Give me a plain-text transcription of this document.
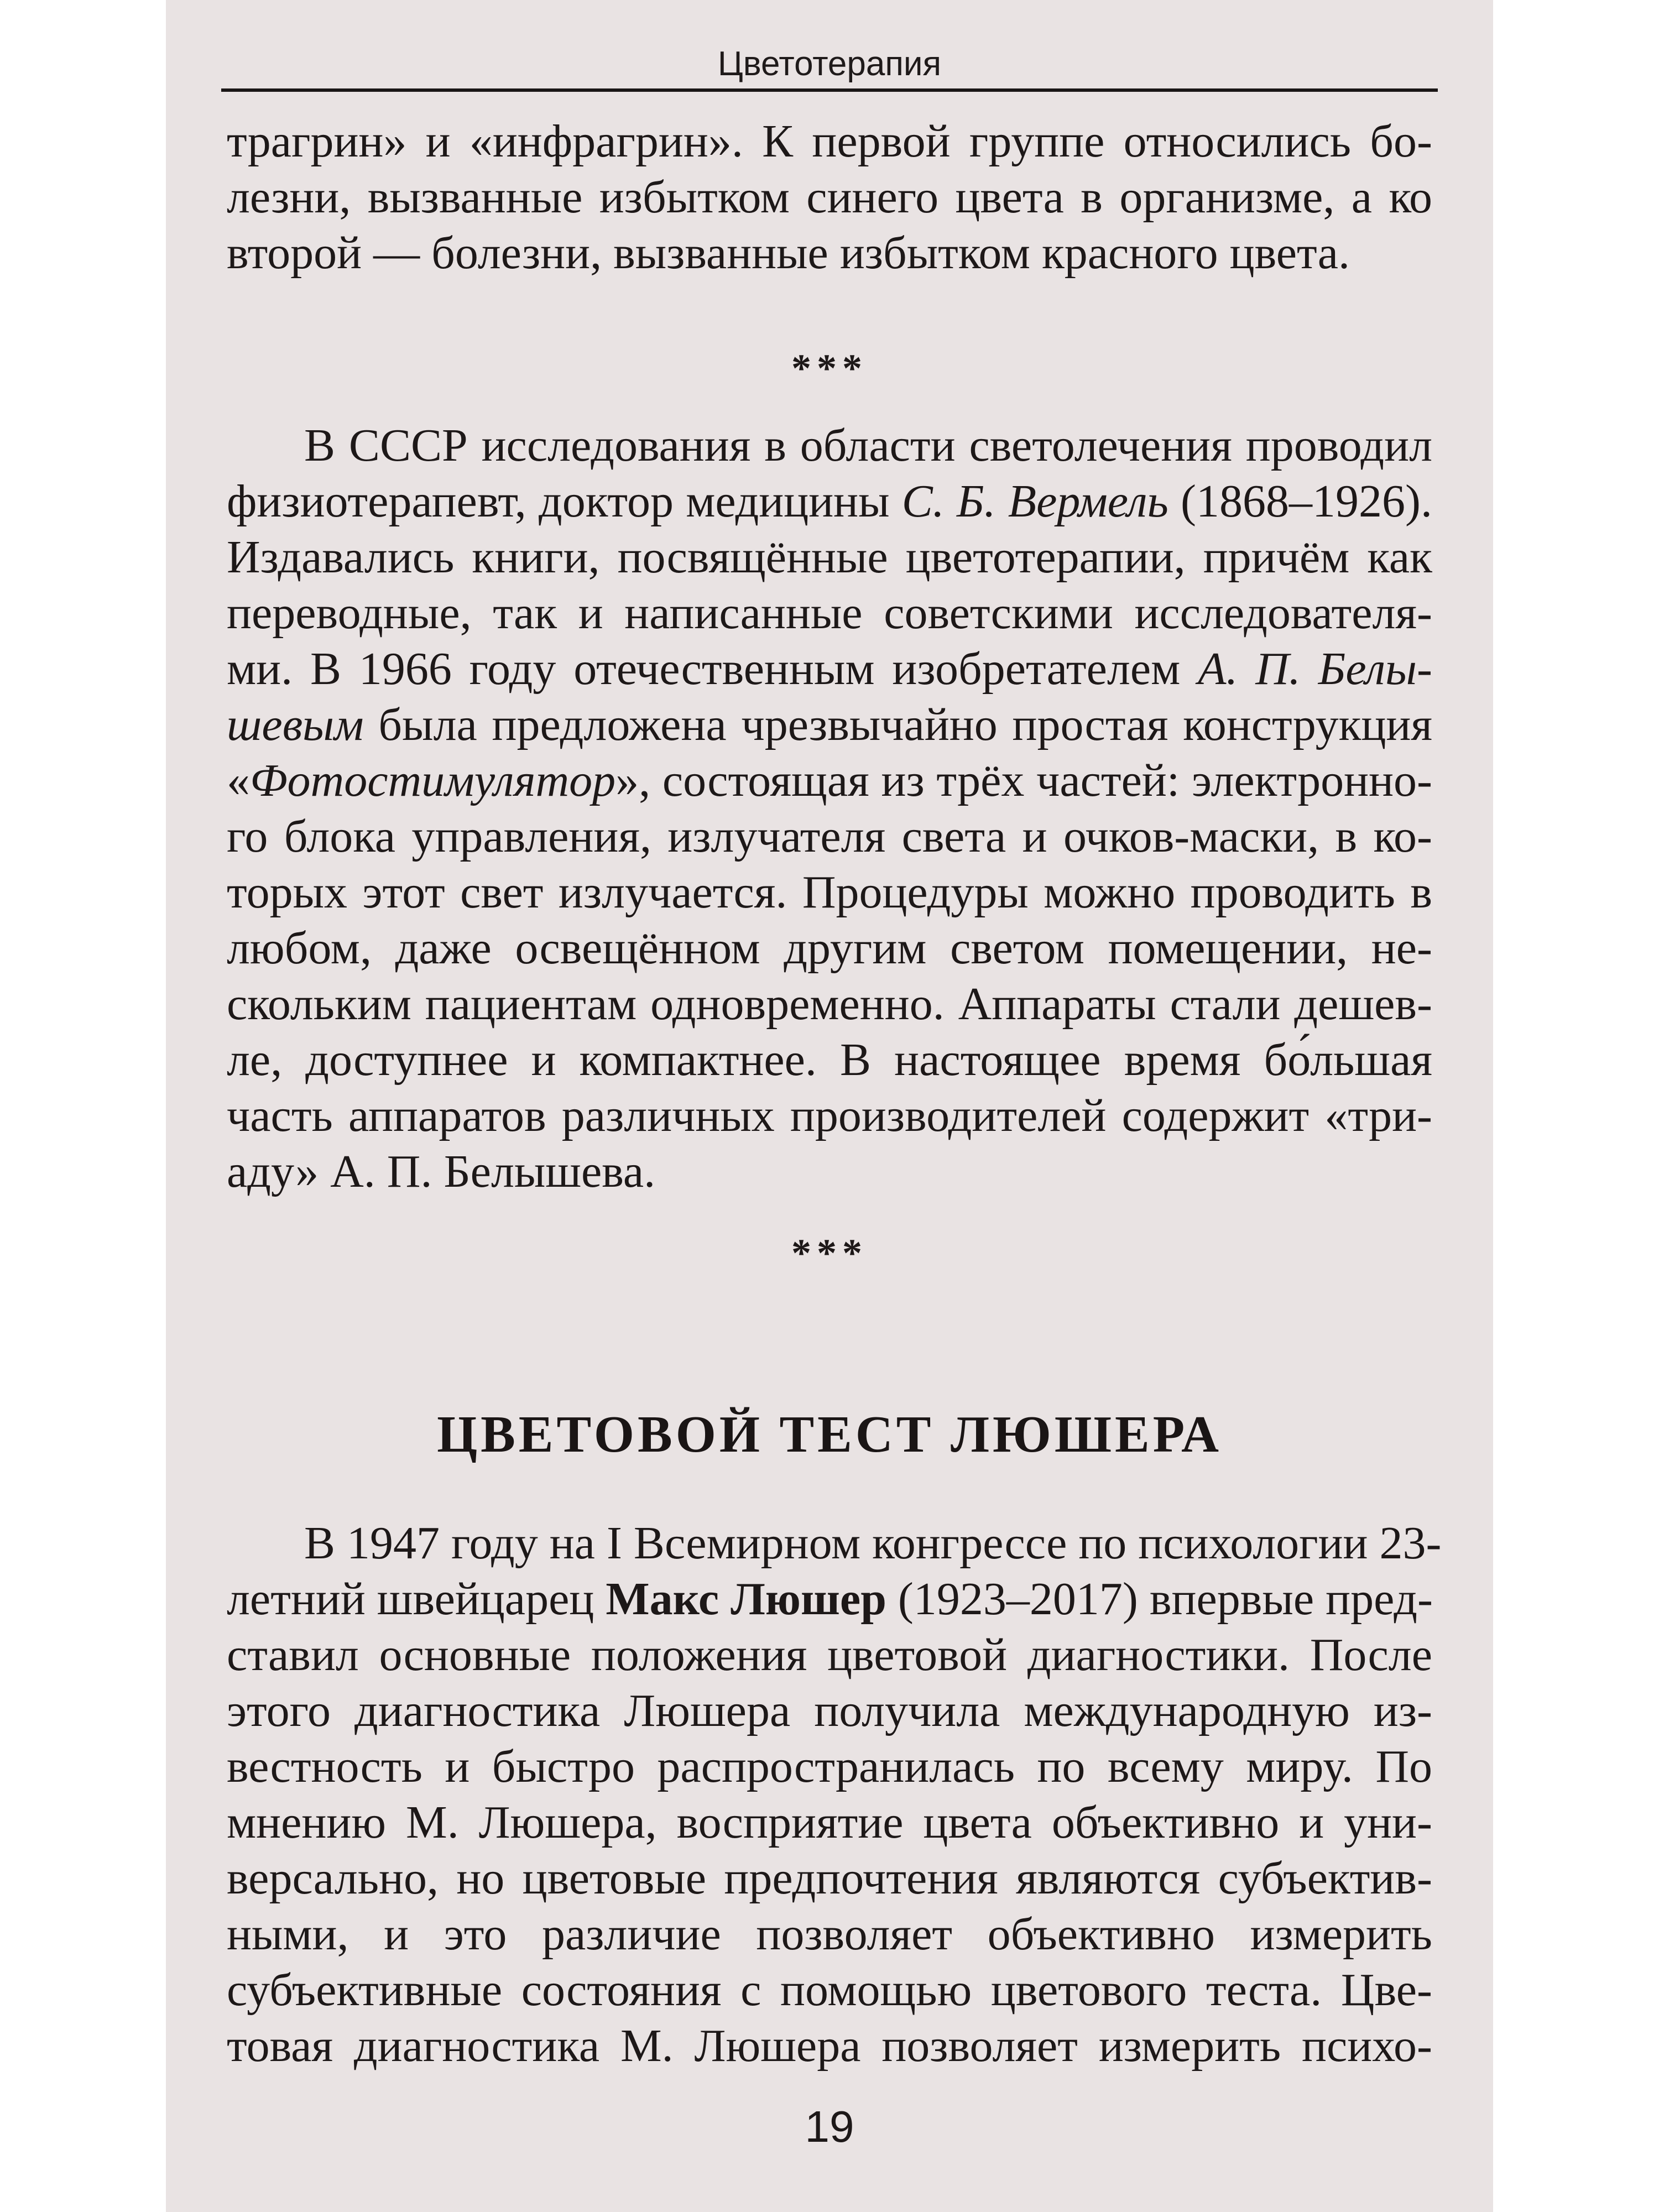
Цветотерапия
трагрин» и «инфрагрин». К первой группе относились бо-
лезни, вызванные избытком синего цвета в организме, а ко
второй — болезни, вызванные избытком красного цвета.
***
В СССР исследования в области светолечения проводил
физиотерапевт, доктор медицины С. Б. Вермель (1868–1926).
Издавались книги, посвящённые цветотерапии, причём как
переводные, так и написанные советскими исследователя-
ми. В 1966 году отечественным изобретателем А. П. Белы-
шевым была предложена чрезвычайно простая конструкция
«Фотостимулятор», состоящая из трёх частей: электронно-
го блока управления, излучателя света и очков-маски, в ко-
торых этот свет излучается. Процедуры можно проводить в
любом, даже освещённом другим светом помещении, не-
скольким пациентам одновременно. Аппараты стали дешев-
ле, доступнее и компактнее. В настоящее время бо́льшая
часть аппаратов различных производителей содержит «три-
аду» А. П. Белышева.
***
ЦВЕТОВОЙ ТЕСТ ЛЮШЕРА
В 1947 году на I Всемирном конгрессе по психологии 23-
летний швейцарец Макс Люшер (1923–2017) впервые пред-
ставил основные положения цветовой диагностики. После
этого диагностика Люшера получила международную из-
вестность и быстро распространилась по всему миру. По
мнению М. Люшера, восприятие цвета объективно и уни-
версально, но цветовые предпочтения являются субъектив-
ными, и это различие позволяет объективно измерить
субъективные состояния с помощью цветового теста. Цве-
товая диагностика М. Люшера позволяет измерить психо-
19
